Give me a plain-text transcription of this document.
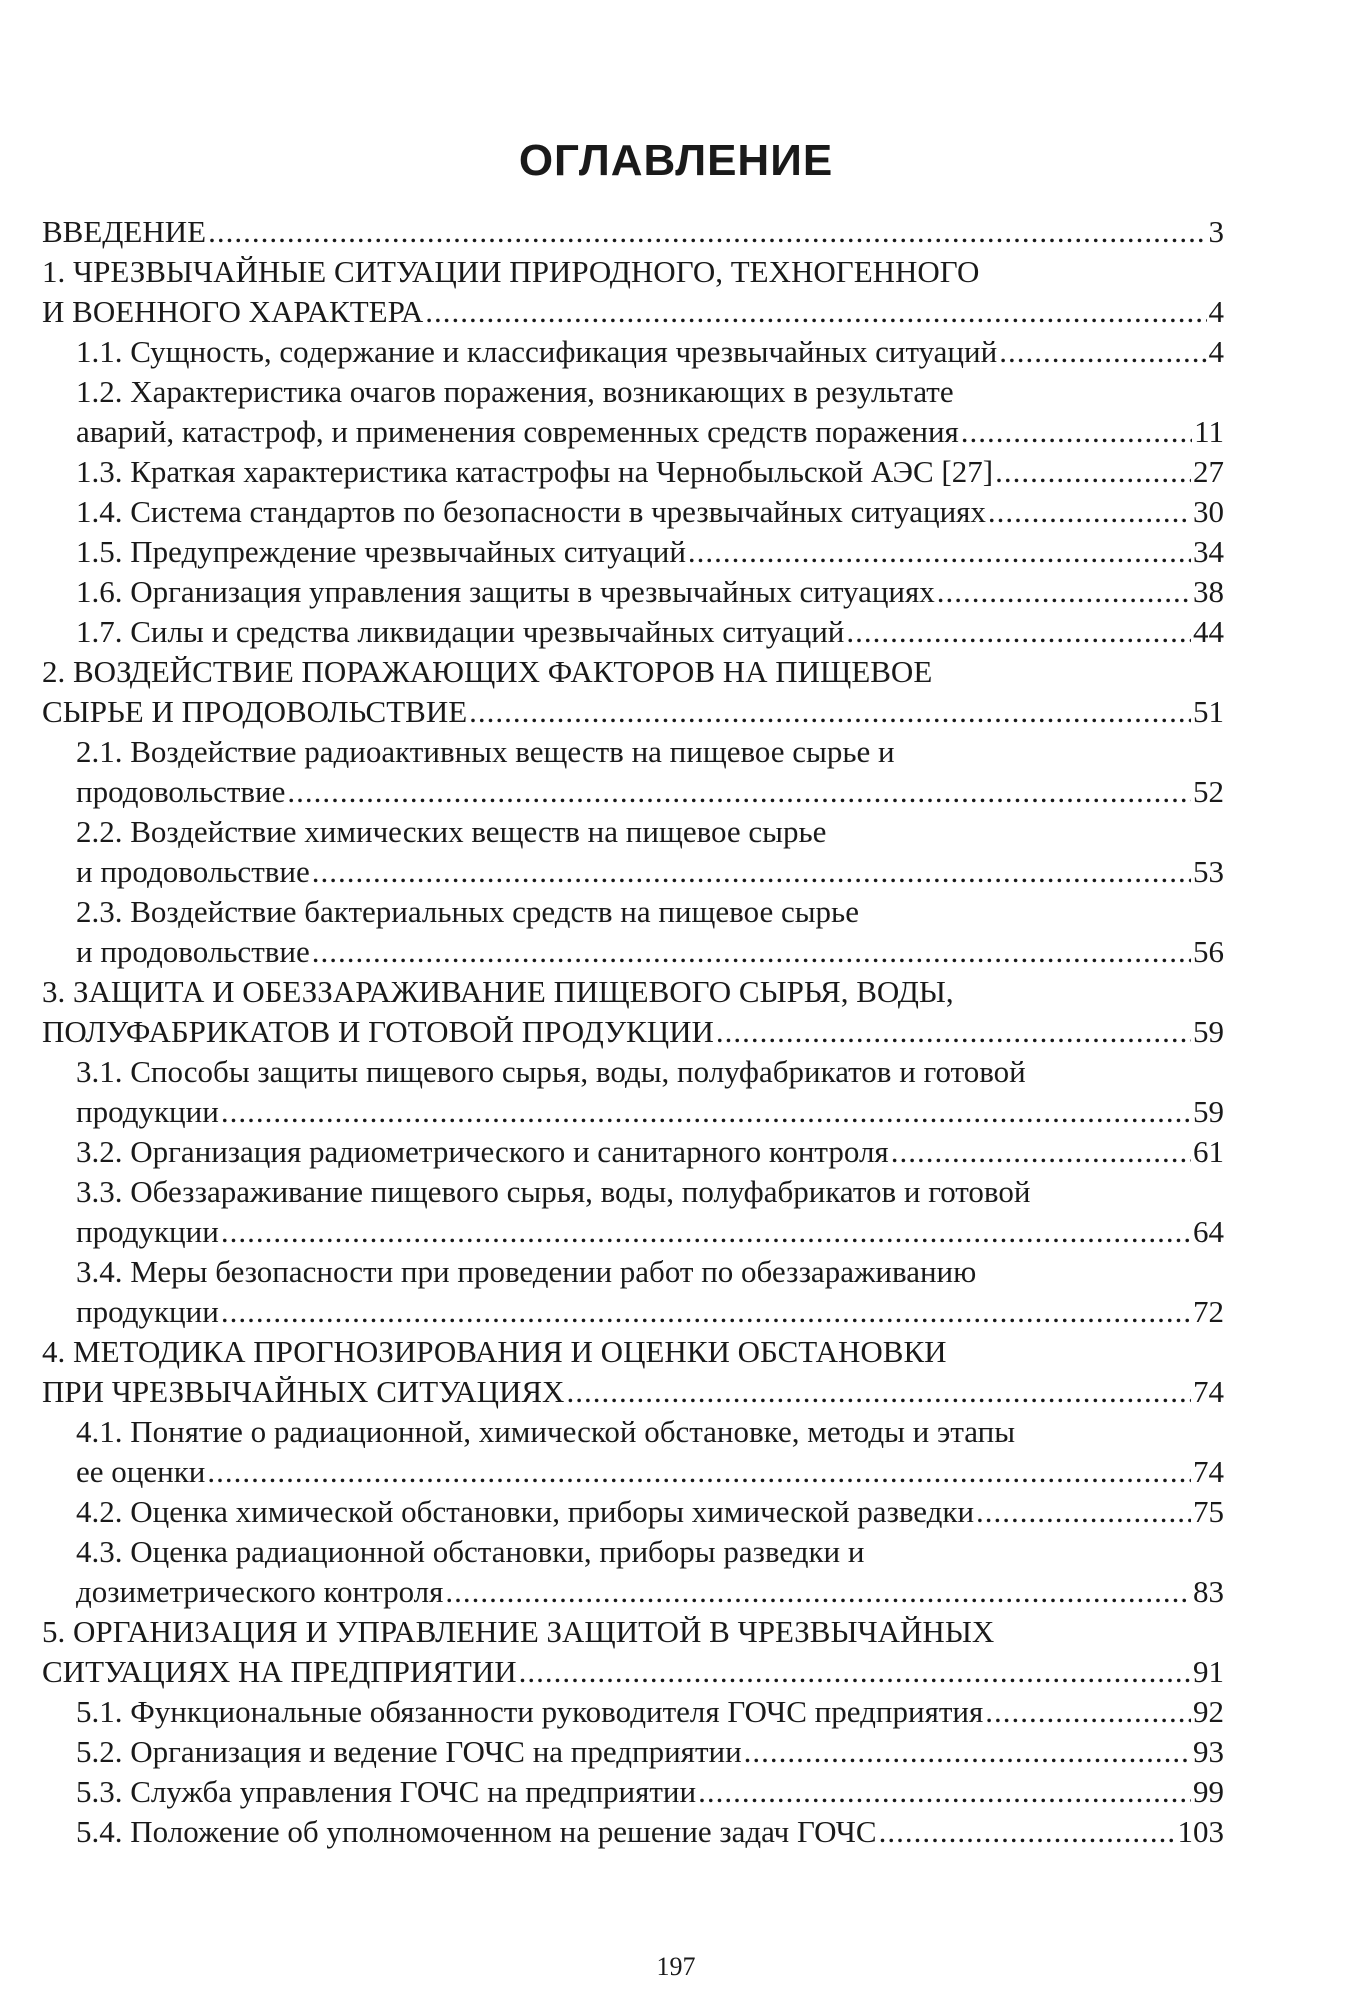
ОГЛАВЛЕНИЕ
ВВЕДЕНИЕ .....	3
1. ЧРЕЗВЫЧАЙНЫЕ СИТУАЦИИ ПРИРОДНОГО, ТЕХНОГЕННОГО
И ВОЕННОГО ХАРАКТЕРА .....	4
1.1. Сущность, содержание и классификация чрезвычайных ситуаций .....	4
1.2. Характеристика очагов поражения, возникающих в результате
аварий, катастроф, и применения современных средств поражения .....	11
1.3. Краткая характеристика катастрофы на Чернобыльской АЭС [27] .....	27
1.4. Система стандартов по безопасности в чрезвычайных ситуациях .....	30
1.5. Предупреждение чрезвычайных ситуаций .....	34
1.6. Организация управления защиты в чрезвычайных ситуациях .....	38
1.7. Силы и средства ликвидации чрезвычайных ситуаций .....	44
2. ВОЗДЕЙСТВИЕ ПОРАЖАЮЩИХ ФАКТОРОВ НА ПИЩЕВОЕ
СЫРЬЕ И ПРОДОВОЛЬСТВИЕ .....	51
2.1. Воздействие радиоактивных веществ на пищевое сырье и
продовольствие .....	52
2.2. Воздействие химических веществ на пищевое сырье
и продовольствие .....	53
2.3. Воздействие бактериальных средств на пищевое сырье
и продовольствие .....	56
3. ЗАЩИТА И ОБЕЗЗАРАЖИВАНИЕ ПИЩЕВОГО СЫРЬЯ, ВОДЫ,
ПОЛУФАБРИКАТОВ И ГОТОВОЙ ПРОДУКЦИИ .....	59
3.1. Способы защиты пищевого сырья, воды, полуфабрикатов и готовой
продукции .....	59
3.2. Организация радиометрического и санитарного контроля .....	61
3.3. Обеззараживание пищевого сырья, воды, полуфабрикатов и готовой
продукции .....	64
3.4. Меры безопасности при проведении работ по обеззараживанию
продукции .....	72
4. МЕТОДИКА ПРОГНОЗИРОВАНИЯ И ОЦЕНКИ ОБСТАНОВКИ
ПРИ ЧРЕЗВЫЧАЙНЫХ СИТУАЦИЯХ .....	74
4.1. Понятие о радиационной, химической обстановке, методы и этапы
ее оценки .....	74
4.2. Оценка химической обстановки, приборы химической разведки .....	75
4.3. Оценка радиационной обстановки, приборы разведки и
дозиметрического контроля .....	83
5. ОРГАНИЗАЦИЯ И УПРАВЛЕНИЕ ЗАЩИТОЙ В ЧРЕЗВЫЧАЙНЫХ
СИТУАЦИЯХ НА ПРЕДПРИЯТИИ .....	91
5.1. Функциональные обязанности руководителя ГОЧС предприятия .....	92
5.2. Организация и ведение ГОЧС на предприятии .....	93
5.3. Служба управления ГОЧС на предприятии .....	99
5.4. Положение об уполномоченном на решение задач ГОЧС .....	103
197
